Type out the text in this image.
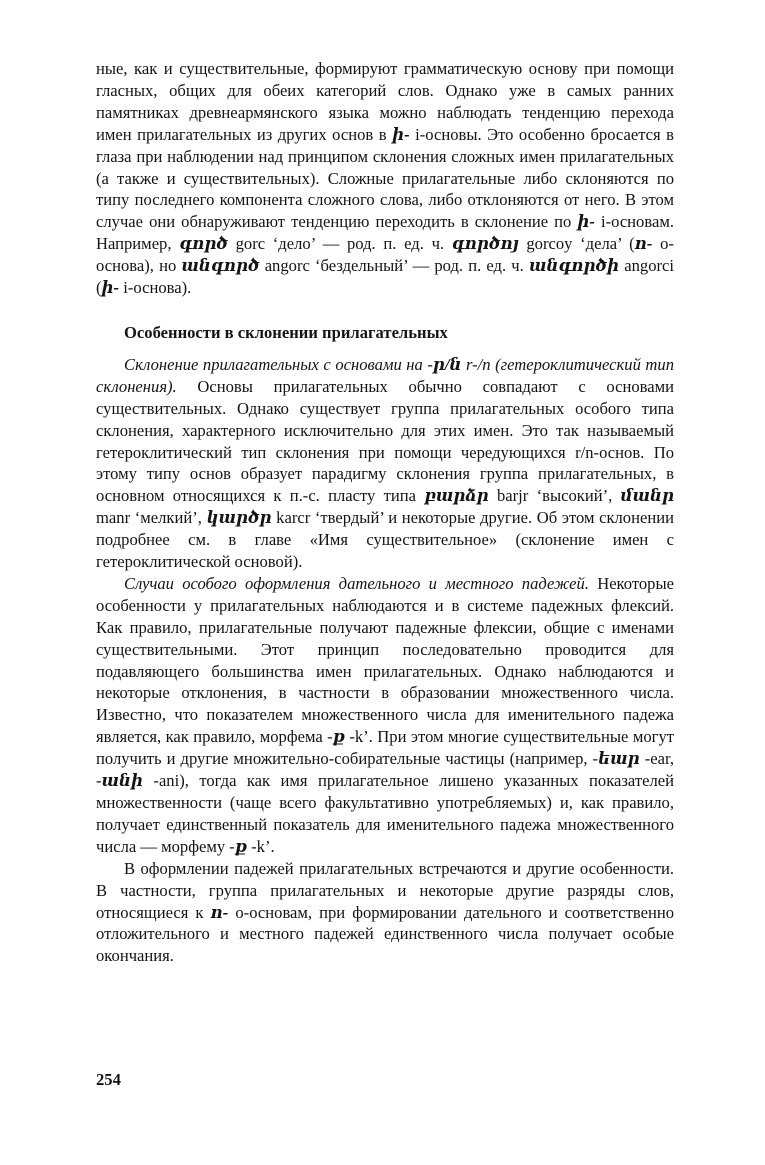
ные, как и существительные, формируют грамматическую основу при помощи гласных, общих для обеих категорий слов. Однако уже в самых ранних памятниках древнеармянского языка можно наблюдать тенденцию перехода имен прилагательных из других основ в ի- i-основы. Это особенно бросается в глаза при наблюдении над принципом склонения сложных имен прилагательных (а также и существительных). Сложные прилагательные либо склоняются по типу последнего компонента сложного слова, либо отклоняются от него. В этом случае они обнаруживают тенденцию переходить в склонение по ի- i-основам. Например, գործ gorc ‘дело’ — род. п. ед. ч. գործոյ gorcoy ‘дела’ (ո- о-основа), но անգործ angorc ‘бездельный’ — род. п. ед. ч. անգործի angorci (ի- i-основа).

Особенности в склонении прилагательных

Склонение прилагательных с основами на -ր/ն r-/n (гетероклитический тип склонения). Основы прилагательных обычно совпадают с основами существительных. Однако существует группа прилагательных особого типа склонения, характерного исключительно для этих имен. Это так называемый гетероклитический тип склонения при помощи чередующихся r/n-основ. По этому типу основ образует парадигму склонения группа прилагательных, в основном относящихся к п.-с. пласту типа բարձր barjr ‘высокий’, մանր manr ‘мелкий’, կարծր karcr ‘твердый’ и некоторые другие. Об этом склонении подробнее см. в главе «Имя существительное» (склонение имен с гетероклитической основой).

Случаи особого оформления дательного и местного падежей. Некоторые особенности у прилагательных наблюдаются и в системе падежных флексий. Как правило, прилагательные получают падежные флексии, общие с именами существительными. Этот принцип последовательно проводится для подавляющего большинства имен прилагательных. Однако наблюдаются и некоторые отклонения, в частности в образовании множественного числа. Известно, что показателем множественного числа для именительного падежа является, как правило, морфема -ք -k’. При этом многие существительные могут получить и другие множительно-собирательные частицы (например, -եար -ear, -անի -ani), тогда как имя прилагательное лишено указанных показателей множественности (чаще всего факультативно употребляемых) и, как правило, получает единственный показатель для именительного падежа множественного числа — морфему -ք -k’.

В оформлении падежей прилагательных встречаются и другие особенности. В частности, группа прилагательных и некоторые другие разряды слов, относящиеся к ո- o-основам, при формировании дательного и соответственно отложительного и местного падежей единственного числа получает особые окончания.

254
